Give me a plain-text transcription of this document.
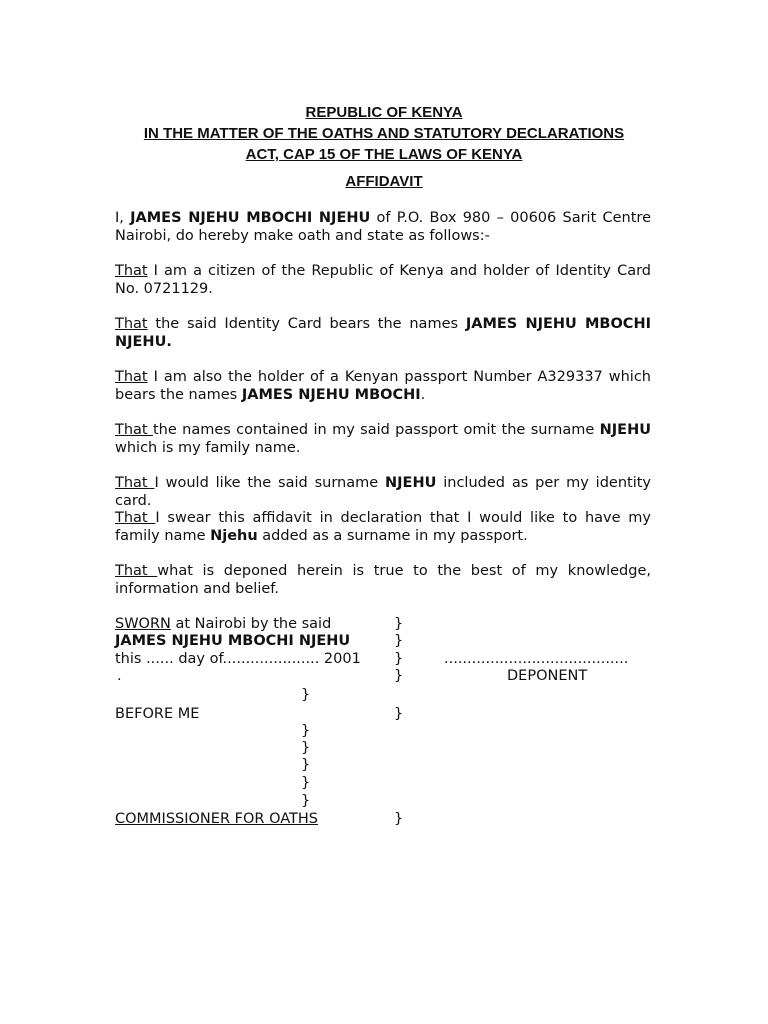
REPUBLIC OF KENYA
IN THE MATTER OF THE OATHS AND STATUTORY DECLARATIONS
ACT, CAP 15 OF THE LAWS OF KENYA
AFFIDAVIT
I, JAMES NJEHU MBOCHI NJEHU of P.O. Box 980 – 00606 Sarit Centre Nairobi, do hereby make oath and state as follows:-
That I am a citizen of the Republic of Kenya and holder of Identity Card No. 0721129.
That the said Identity Card bears the names JAMES NJEHU MBOCHI NJEHU.
That I am also the holder of a Kenyan passport Number A329337 which bears the names JAMES NJEHU MBOCHI.
That the names contained in my said passport omit the surname NJEHU which is my family name.
That I would like the said surname NJEHU included as per my identity card.
That I swear this affidavit in declaration that I would like to have my family name Njehu added as a surname in my passport.
That what is deponed herein is true to the best of my knowledge, information and belief.
SWORN at Nairobi by the said
JAMES NJEHU MBOCHI NJEHU
this ...... day of..................... 2001
.
BEFORE ME
COMMISSIONER FOR OATHS
}
}
}
}
}
}
}
}
}
}
}
}
........................................
DEPONENT
